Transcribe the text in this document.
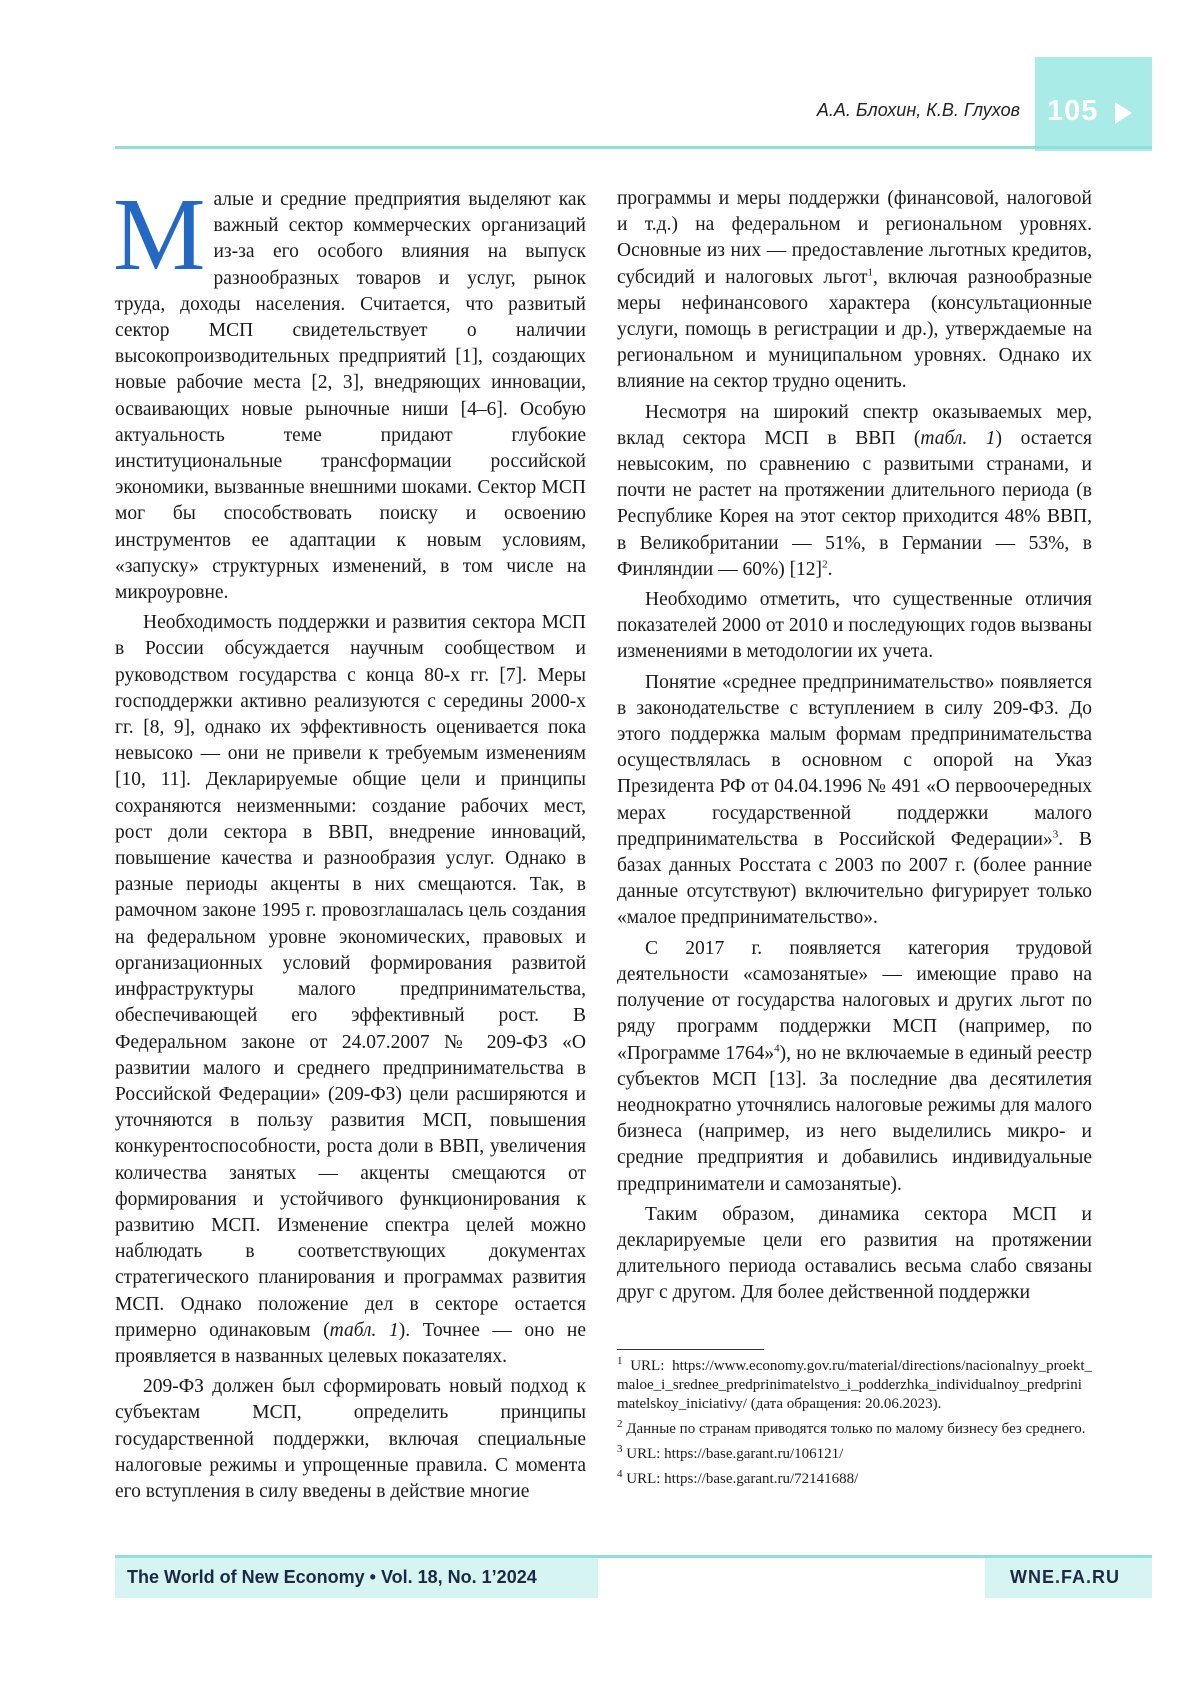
105
А.А. Блохин, К.В. Глухов

Малые и средние предприятия выделяют как важный сектор коммерческих организаций из-за его особого влияния на выпуск разнообразных товаров и услуг, рынок труда, доходы населения. Считается, что развитый сектор МСП свидетельствует о наличии высокопроизводительных предприятий [1], создающих новые рабочие места [2, 3], внедряющих инновации, осваивающих новые рыночные ниши [4–6]. Особую актуальность теме придают глубокие институциональные трансформации российской экономики, вызванные внешними шоками. Сектор МСП мог бы способствовать поиску и освоению инструментов ее адаптации к новым условиям, «запуску» структурных изменений, в том числе на микроуровне.

Необходимость поддержки и развития сектора МСП в России обсуждается научным сообществом и руководством государства с конца 80-х гг. [7]. Меры господдержки активно реализуются с середины 2000-х гг. [8, 9], однако их эффективность оценивается пока невысоко — они не привели к требуемым изменениям [10, 11]. Декларируемые общие цели и принципы сохраняются неизменными: создание рабочих мест, рост доли сектора в ВВП, внедрение инноваций, повышение качества и разнообразия услуг. Однако в разные периоды акценты в них смещаются. Так, в рамочном законе 1995 г. провозглашалась цель создания на федеральном уровне экономических, правовых и организационных условий формирования развитой инфраструктуры малого предпринимательства, обеспечивающей его эффективный рост. В Федеральном законе от 24.07.2007 № 209-ФЗ «О развитии малого и среднего предпринимательства в Российской Федерации» (209-ФЗ) цели расширяются и уточняются в пользу развития МСП, повышения конкурентоспособности, роста доли в ВВП, увеличения количества занятых — акценты смещаются от формирования и устойчивого функционирования к развитию МСП. Изменение спектра целей можно наблюдать в соответствующих документах стратегического планирования и программах развития МСП. Однако положение дел в секторе остается примерно одинаковым (табл. 1). Точнее — оно не проявляется в названных целевых показателях.

209-ФЗ должен был сформировать новый подход к субъектам МСП, определить принципы государственной поддержки, включая специальные налоговые режимы и упрощенные правила. С момента его вступления в силу введены в действие многие

программы и меры поддержки (финансовой, налоговой и т.д.) на федеральном и региональном уровнях. Основные из них — предоставление льготных кредитов, субсидий и налоговых льгот$^1$, включая разнообразные меры нефинансового характера (консультационные услуги, помощь в регистрации и др.), утверждаемые на региональном и муниципальном уровнях. Однако их влияние на сектор трудно оценить.

Несмотря на широкий спектр оказываемых мер, вклад сектора МСП в ВВП (табл. 1) остается невысоким, по сравнению с развитыми странами, и почти не растет на протяжении длительного периода (в Республике Корея на этот сектор приходится 48% ВВП, в Великобритании — 51%, в Германии — 53%, в Финляндии — 60%) $[12]^2$.

Необходимо отметить, что существенные отличия показателей 2000 от 2010 и последующих годов вызваны изменениями в методологии их учета.

Понятие «среднее предпринимательство» появляется в законодательстве с вступлением в силу 209-ФЗ. До этого поддержка малым формам предпринимательства осуществлялась в основном с опорой на Указ Президента РФ от 04.04.1996 № 491 «О первоочередных мерах государственной поддержки малого предпринимательства в Российской Федерации»$^3$. В базах данных Росстата с 2003 по 2007 г. (более ранние данные отсутствуют) включительно фигурирует только «малое предпринимательство».

С 2017 г. появляется категория трудовой деятельности «самозанятые» — имеющие право на получение от государства налоговых и других льгот по ряду программ поддержки МСП (например, по «Программе 1764»$^4$), но не включаемые в единый реестр субъектов МСП [13]. За последние два десятилетия неоднократно уточнялись налоговые режимы для малого бизнеса (например, из него выделились микро- и средние предприятия и добавились индивидуальные предприниматели и самозанятые).

Таким образом, динамика сектора МСП и декларируемые цели его развития на протяжении длительного периода оставались весьма слабо связаны друг с другом. Для более действенной поддержки

$^1$ URL: https://www.economy.gov.ru/material/directions/nacionalnyy_proekt_maloe_i_srednee_predprinimatelstvo_i_podderzhka_individualnoy_predprinimatelskoy_iniciativy/ (дата обращения: 20.06.2023).

$^2$ Данные по странам приводятся только по малому бизнесу без среднего.

$^3$ URL: https://base.garant.ru/106121/

$^4$ URL: https://base.garant.ru/72141688/

The World of New Economy • Vol. 18, No. 1’2024	WNE.FA.RU
